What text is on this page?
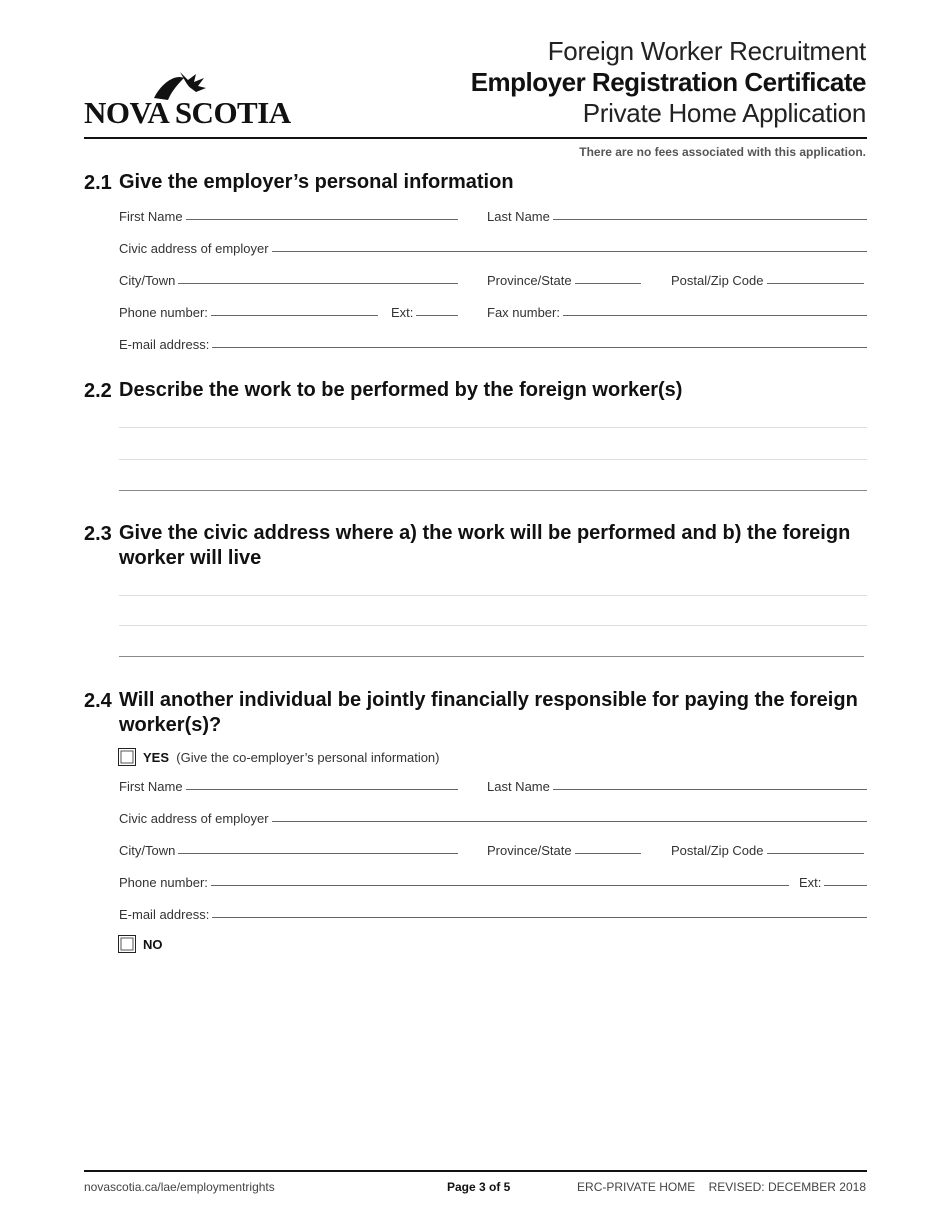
NOVA SCOTIA
Foreign Worker Recruitment
Employer Registration Certificate
Private Home Application
There are no fees associated with this application.
2.1 Give the employer’s personal information
First Name	Last Name
Civic address of employer
City/Town	Province/State	Postal/Zip Code
Phone number:	Ext:	Fax number:
E-mail address:
2.2 Describe the work to be performed by the foreign worker(s)
2.3 Give the civic address where a) the work will be performed and b) the foreign worker will live
2.4 Will another individual be jointly financially responsible for paying the foreign worker(s)?
YES (Give the co-employer’s personal information)
First Name	Last Name
Civic address of employer
City/Town	Province/State	Postal/Zip Code
Phone number:	Ext:
E-mail address:
NO
novascotia.ca/lae/employmentrights	Page 3 of 5	ERC-PRIVATE HOME    REVISED: DECEMBER 2018
